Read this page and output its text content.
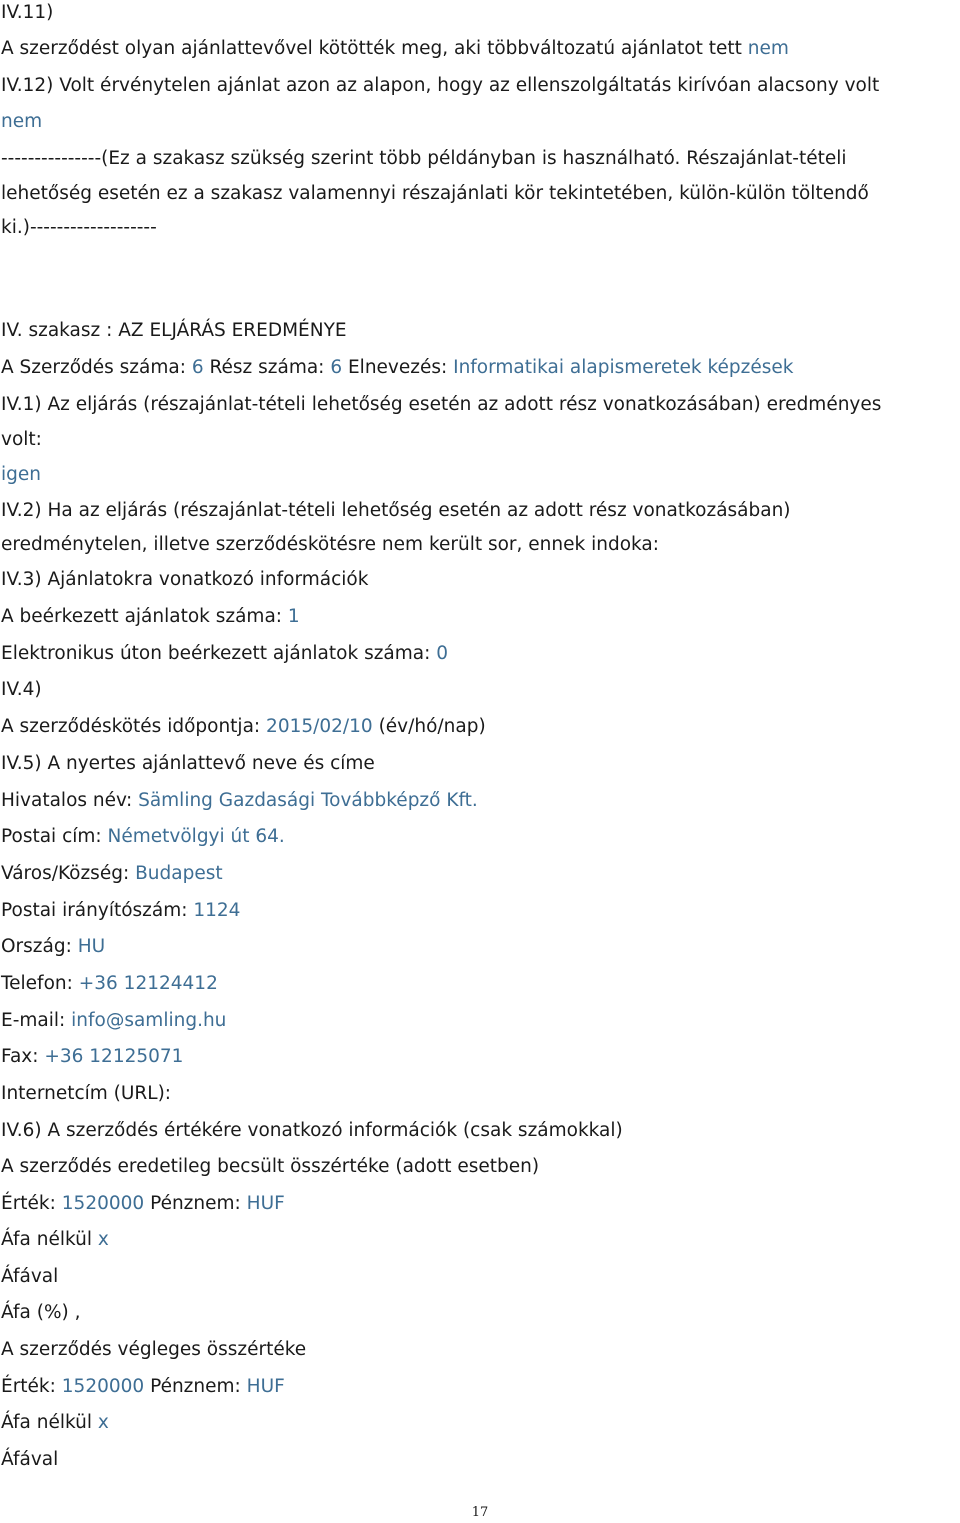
IV.11)
A szerződést olyan ajánlattevővel kötötték meg, aki többváltozatú ajánlatot tett nem
IV.12) Volt érvénytelen ajánlat azon az alapon, hogy az ellenszolgáltatás kirívóan alacsony volt
nem
---------------(Ez a szakasz szükség szerint több példányban is használható. Részajánlat-tételi
lehetőség esetén ez a szakasz valamennyi részajánlati kör tekintetében, külön-külön töltendő
ki.)-------------------
IV. szakasz : AZ ELJÁRÁS EREDMÉNYE
A Szerződés száma: 6 Rész száma: 6 Elnevezés: Informatikai alapismeretek képzések
IV.1) Az eljárás (részajánlat-tételi lehetőség esetén az adott rész vonatkozásában) eredményes
volt:
igen
IV.2) Ha az eljárás (részajánlat-tételi lehetőség esetén az adott rész vonatkozásában)
eredménytelen, illetve szerződéskötésre nem került sor, ennek indoka:
IV.3) Ajánlatokra vonatkozó információk
A beérkezett ajánlatok száma: 1
Elektronikus úton beérkezett ajánlatok száma: 0
IV.4)
A szerződéskötés időpontja: 2015/02/10 (év/hó/nap)
IV.5) A nyertes ajánlattevő neve és címe
Hivatalos név: Sämling Gazdasági Továbbképző Kft.
Postai cím: Németvölgyi út 64.
Város/Község: Budapest
Postai irányítószám: 1124
Ország: HU
Telefon: +36 12124412
E-mail: info@samling.hu
Fax: +36 12125071
Internetcím (URL):
IV.6) A szerződés értékére vonatkozó információk (csak számokkal)
A szerződés eredetileg becsült összértéke (adott esetben)
Érték: 1520000 Pénznem: HUF
Áfa nélkül x
Áfával
Áfa (%) ,
A szerződés végleges összértéke
Érték: 1520000 Pénznem: HUF
Áfa nélkül x
Áfával
17
